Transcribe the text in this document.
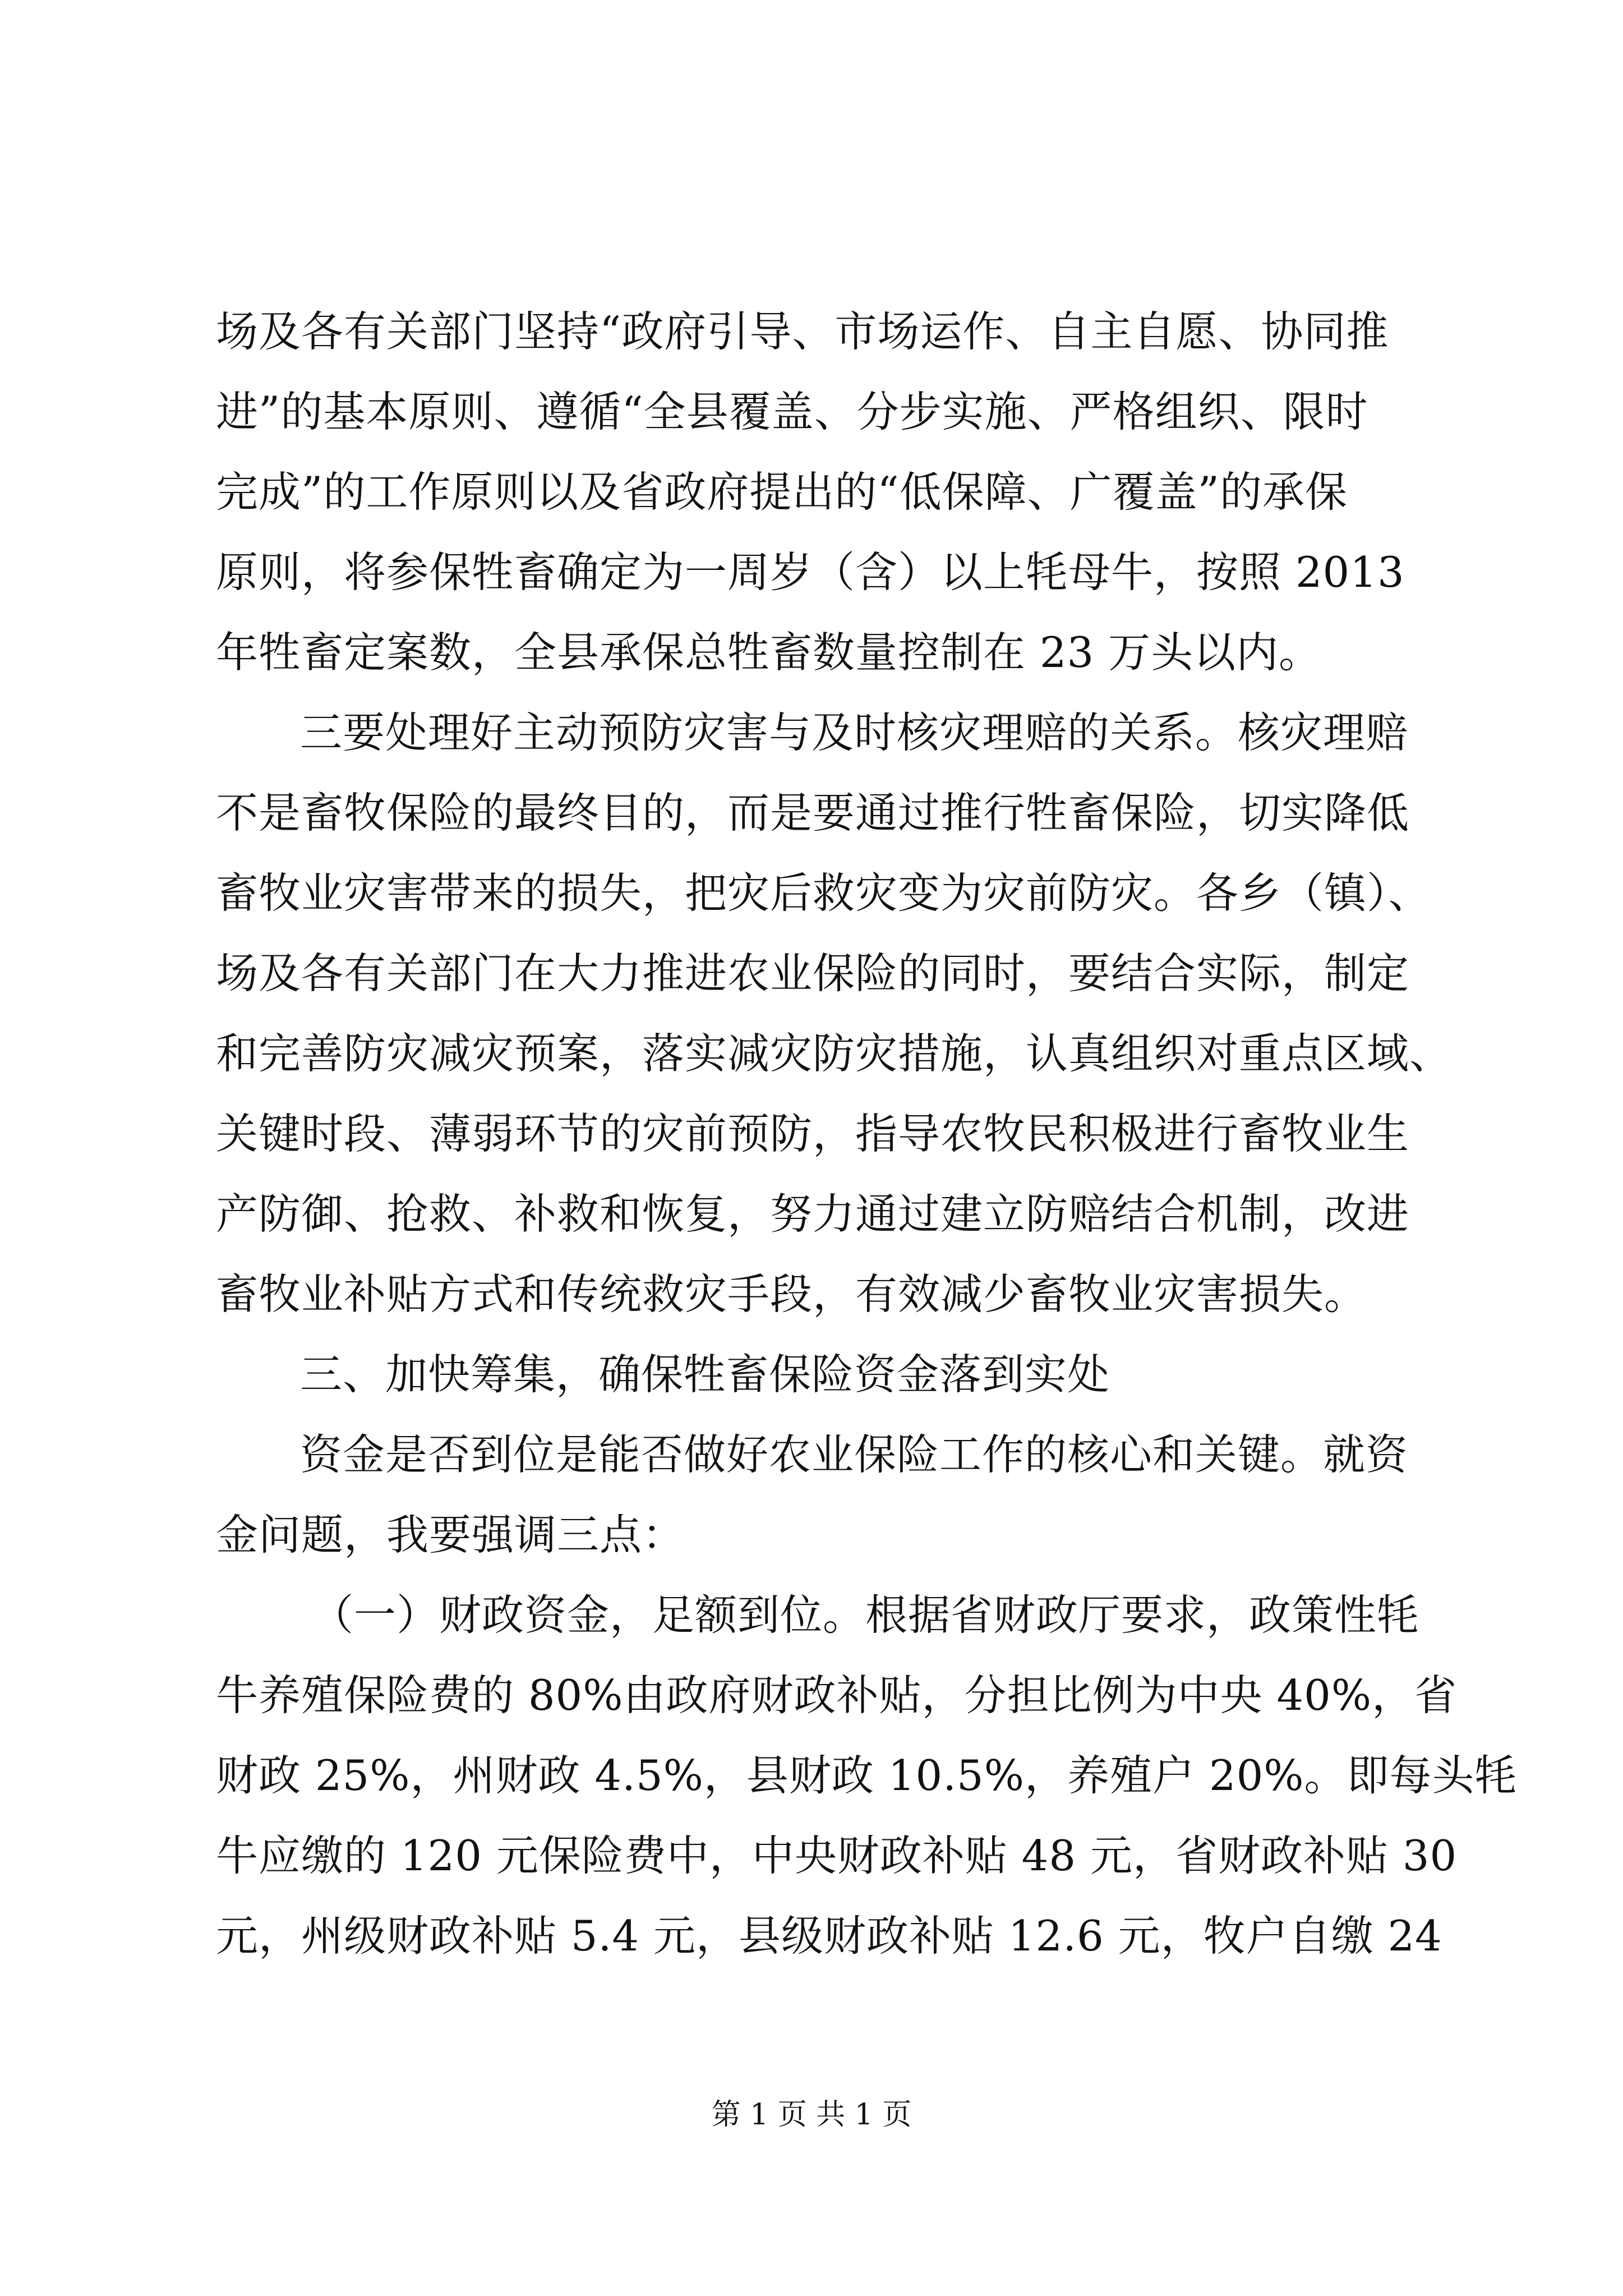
场及各有关部门坚持“政府引导、市场运作、自主自愿、协同推
进”的基本原则、遵循“全县覆盖、分步实施、严格组织、限时
完成”的工作原则以及省政府提出的“低保障、广覆盖”的承保
原则，将参保牲畜确定为一周岁（含）以上牦母牛，按照 2013
年牲畜定案数，全县承保总牲畜数量控制在 23 万头以内。
三要处理好主动预防灾害与及时核灾理赔的关系。核灾理赔
不是畜牧保险的最终目的，而是要通过推行牲畜保险，切实降低
畜牧业灾害带来的损失，把灾后救灾变为灾前防灾。各乡（镇）、
场及各有关部门在大力推进农业保险的同时，要结合实际，制定
和完善防灾减灾预案，落实减灾防灾措施，认真组织对重点区域、
关键时段、薄弱环节的灾前预防，指导农牧民积极进行畜牧业生
产防御、抢救、补救和恢复，努力通过建立防赔结合机制，改进
畜牧业补贴方式和传统救灾手段，有效减少畜牧业灾害损失。
三、加快筹集，确保牲畜保险资金落到实处
资金是否到位是能否做好农业保险工作的核心和关键。就资
金问题，我要强调三点：
（一）财政资金，足额到位。根据省财政厅要求，政策性牦
牛养殖保险费的 80%由政府财政补贴，分担比例为中央 40%，省
财政 25%，州财政 4.5%，县财政 10.5%，养殖户 20%。即每头牦
牛应缴的 120 元保险费中，中央财政补贴 48 元，省财政补贴 30
元，州级财政补贴 5.4 元，县级财政补贴 12.6 元，牧户自缴 24
第 1 页 共 1 页
